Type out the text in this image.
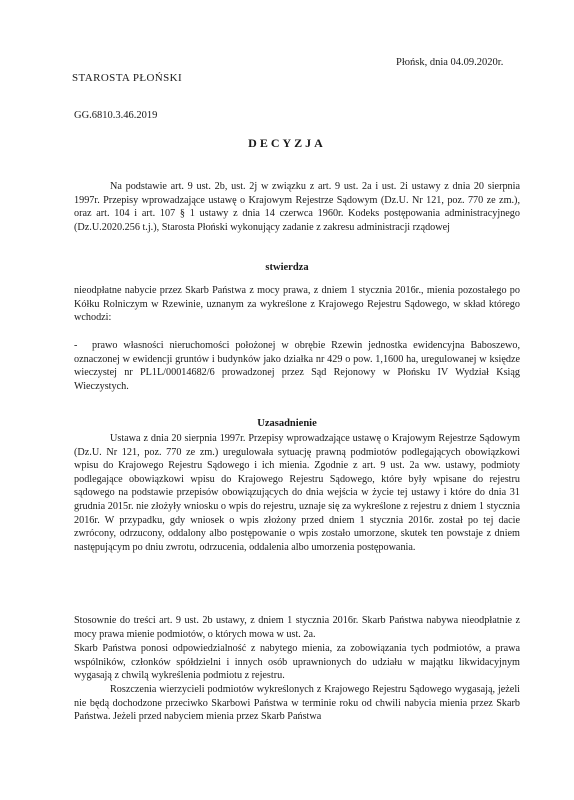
Płońsk, dnia 04.09.2020r.
STAROSTA PŁOŃSKI
GG.6810.3.46.2019
DECYZJA
Na podstawie art. 9 ust. 2b, ust. 2j w związku z art. 9 ust. 2a i ust. 2i ustawy z dnia 20 sierpnia 1997r. Przepisy wprowadzające ustawę o Krajowym Rejestrze Sądowym (Dz.U. Nr 121, poz. 770 ze zm.), oraz art. 104 i art. 107 § 1 ustawy z dnia 14 czerwca 1960r. Kodeks postępowania administracyjnego (Dz.U.2020.256 t.j.), Starosta Płoński wykonujący zadanie z zakresu administracji rządowej
stwierdza
nieodpłatne nabycie przez Skarb Państwa z mocy prawa, z dniem 1 stycznia 2016r., mienia pozostałego po Kółku Rolniczym w Rzewinie, uznanym za wykreślone z Krajowego Rejestru Sądowego, w skład którego wchodzi:
- prawo własności nieruchomości położonej w obrębie Rzewin jednostka ewidencyjna Baboszewo, oznaczonej w ewidencji gruntów i budynków jako działka nr 429 o pow. 1,1600 ha, uregulowanej w księdze wieczystej nr PL1L/00014682/6 prowadzonej przez Sąd Rejonowy w Płońsku IV Wydział Ksiąg Wieczystych.
Uzasadnienie
Ustawa z dnia 20 sierpnia 1997r. Przepisy wprowadzające ustawę o Krajowym Rejestrze Sądowym (Dz.U. Nr 121, poz. 770 ze zm.) uregulowała sytuację prawną podmiotów podlegających obowiązkowi wpisu do Krajowego Rejestru Sądowego i ich mienia. Zgodnie z art. 9 ust. 2a ww. ustawy, podmioty podlegające obowiązkowi wpisu do Krajowego Rejestru Sądowego, które były wpisane do rejestru sądowego na podstawie przepisów obowiązujących do dnia wejścia w życie tej ustawy i które do dnia 31 grudnia 2015r. nie złożyły wniosku o wpis do rejestru, uznaje się za wykreślone z rejestru z dniem 1 stycznia 2016r. W przypadku, gdy wniosek o wpis złożony przed dniem 1 stycznia 2016r. został po tej dacie zwrócony, odrzucony, oddalony albo postępowanie o wpis zostało umorzone, skutek ten powstaje z dniem następującym po dniu zwrotu, odrzucenia, oddalenia albo umorzenia postępowania.
Stosownie do treści art. 9 ust. 2b ustawy, z dniem 1 stycznia 2016r. Skarb Państwa nabywa nieodpłatnie z mocy prawa mienie podmiotów, o których mowa w ust. 2a.
Skarb Państwa ponosi odpowiedzialność z nabytego mienia, za zobowiązania tych podmiotów, a prawa wspólników, członków spółdzielni i innych osób uprawnionych do udziału w majątku likwidacyjnym wygasają z chwilą wykreślenia podmiotu z rejestru.
Roszczenia wierzycieli podmiotów wykreślonych z Krajowego Rejestru Sądowego wygasają, jeżeli nie będą dochodzone przeciwko Skarbowi Państwa w terminie roku od chwili nabycia mienia przez Skarb Państwa. Jeżeli przed nabyciem mienia przez Skarb Państwa
